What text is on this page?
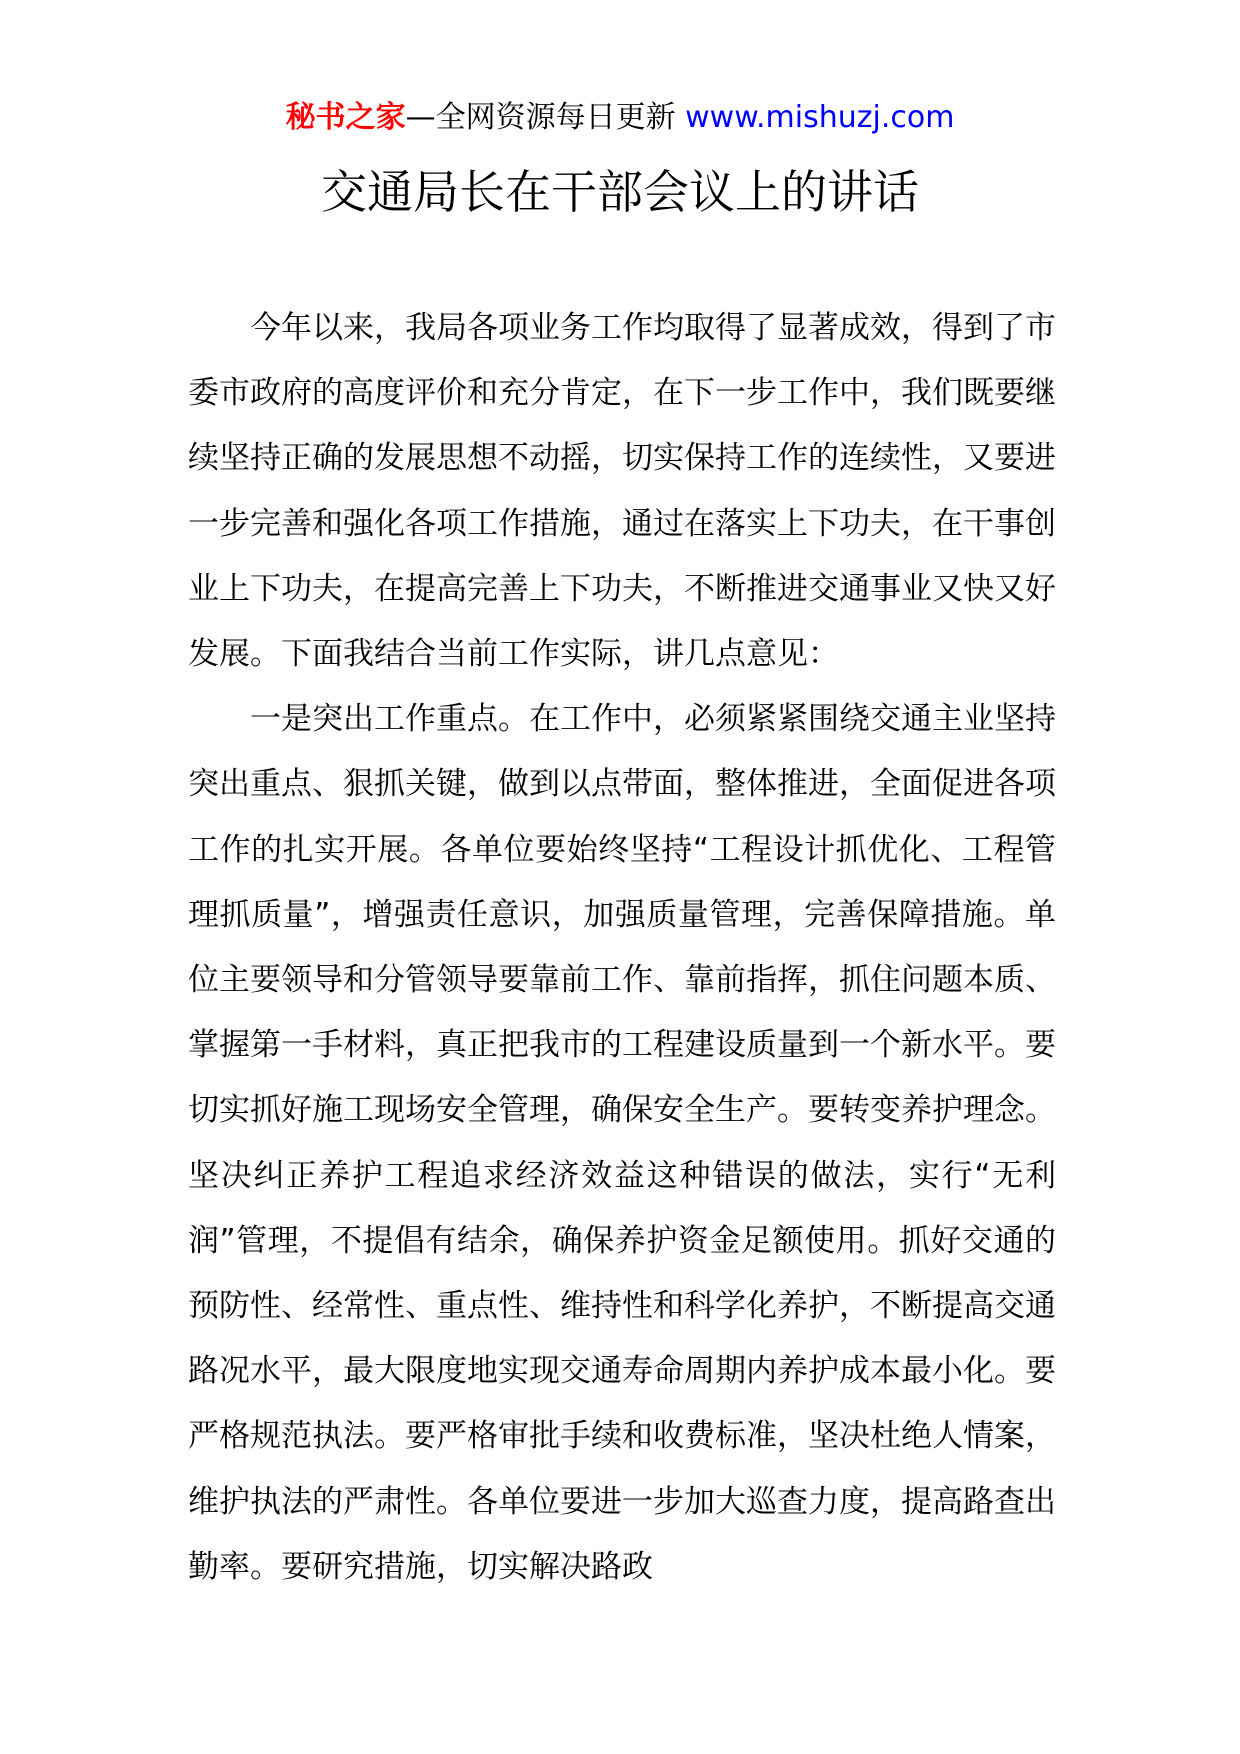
秘书之家—全网资源每日更新 www.mishuzj.com
交通局长在干部会议上的讲话

今年以来，我局各项业务工作均取得了显著成效，得到了市委市政府的高度评价和充分肯定，在下一步工作中，我们既要继续坚持正确的发展思想不动摇，切实保持工作的连续性，又要进一步完善和强化各项工作措施，通过在落实上下功夫，在干事创业上下功夫，在提高完善上下功夫，不断推进交通事业又快又好发展。下面我结合当前工作实际，讲几点意见：

一是突出工作重点。在工作中，必须紧紧围绕交通主业坚持突出重点、狠抓关键，做到以点带面，整体推进，全面促进各项工作的扎实开展。各单位要始终坚持“工程设计抓优化、工程管理抓质量”，增强责任意识，加强质量管理，完善保障措施。单位主要领导和分管领导要靠前工作、靠前指挥，抓住问题本质、掌握第一手材料，真正把我市的工程建设质量到一个新水平。要切实抓好施工现场安全管理，确保安全生产。要转变养护理念。坚决纠正养护工程追求经济效益这种错误的做法，实行“无利润”管理，不提倡有结余，确保养护资金足额使用。抓好交通的预防性、经常性、重点性、维持性和科学化养护，不断提高交通路况水平，最大限度地实现交通寿命周期内养护成本最小化。要严格规范执法。要严格审批手续和收费标准，坚决杜绝人情案，维护执法的严肃性。各单位要进一步加大巡查力度，提高路查出勤率。要研究措施，切实解决路政
